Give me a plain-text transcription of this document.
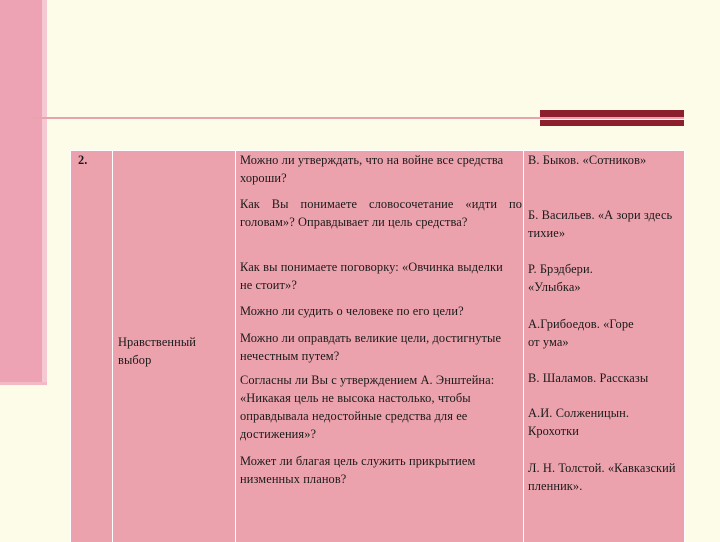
2.
Нравственный выбор
Можно ли утверждать, что на войне все средства хороши?
Как Вы понимаете словосочетание «идти по головам»? Оправдывает ли цель средства?
Как вы понимаете поговорку: «Овчинка выделки не стоит»?
Можно ли судить о человеке по его цели?
Можно ли оправдать великие цели, достигнутые нечестным путем?
Согласны ли Вы с утверждением А. Энштейна: «Никакая цель не высока настолько, чтобы оправдывала недостойные средства для ее достижения»?
Может ли благая цель служить прикрытием низменных планов?
В. Быков. «Сотников»
Б. Васильев. «А зори здесь тихие»
Р. Брэдбери. «Улыбка»
А.Грибоедов. «Горе от ума»
В. Шаламов. Рассказы
А.И. Солженицын. Крохотки
Л. Н. Толстой. «Кавказский пленник».
